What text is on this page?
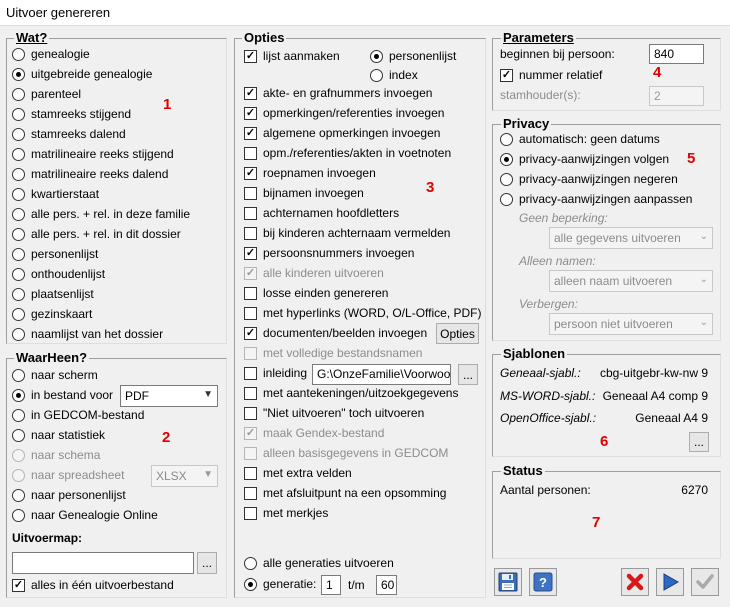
Uitvoer genereren
Wat?
genealogie
uitgebreide genealogie
parenteel
stamreeks stijgend
stamreeks dalend
matrilineaire reeks stijgend
matrilineaire reeks dalend
kwartierstaat
alle pers. + rel. in deze familie
alle pers. + rel. in dit dossier
personenlijst
onthoudenlijst
plaatsenlijst
gezinskaart
naamlijst van het dossier
1
WaarHeen?
naar scherm
in bestand voor PDF	▼
in GEDCOM-bestand
naar statistiek
naar schema
naar spreadsheet	XLSX ▼
naar personenlijst
naar Genealogie Online
Uitvoermap:
...
✓
alles in één uitvoerbestand
2
Opties
✓
lijst aanmaken	personenlijst
index
✓
akte- en grafnummers invoegen
✓
opmerkingen/referenties invoegen
✓
algemene opmerkingen invoegen
opm./referenties/akten in voetnoten
✓
roepnamen invoegen
bijnamen invoegen
achternamen hoofdletters
bij kinderen achternaam vermelden
✓
persoonsnummers invoegen
✓
alle kinderen uitvoeren
losse einden genereren
met hyperlinks (WORD, O/L-Office, PDF)
✓
documenten/beelden invoegen
met volledige bestandsnamen
inleiding
met aantekeningen/uitzoekgegevens
"Niet uitvoeren" toch uitvoeren
✓
maak Gendex-bestand
alleen basisgegevens in GEDCOM
met extra velden
met afsluitpunt na een opsomming
met merkjes
Opties
G:\OnzeFamilie\Voorwoo	...
alle generaties uitvoeren
generatie: 1	t/m	60
3
Parameters
beginnen bij persoon:	840
✓
nummer relatief
stamhouder(s):	2
4
Privacy
automatisch: geen datums
privacy-aanwijzingen volgen
privacy-aanwijzingen negeren
privacy-aanwijzingen aanpassen
Geen beperking:
alle gegevens uitvoeren ⌄
Alleen namen:
alleen naam uitvoeren	⌄
Verbergen:
persoon niet uitvoeren	⌄
5
Sjablonen
Geneaal-sjabl.: cbg-uitgebr-kw-nw 9
MS-WORD-sjabl.: Geneaal A4 comp 9
OpenOffice-sjabl.:	Geneaal A4 9
...
6
Status
Aantal personen:	6270
7
?
